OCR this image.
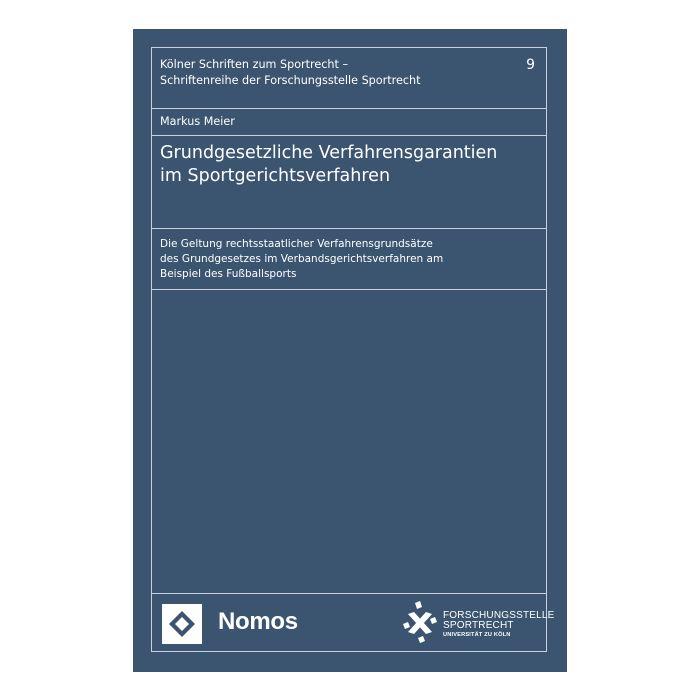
Kölner Schriften zum Sportrecht –
Schriftenreihe der Forschungsstelle Sportrecht
9
Markus Meier
Grundgesetzliche Verfahrensgarantien
im Sportgerichtsverfahren
Die Geltung rechtsstaatlicher Verfahrensgrundsätze
des Grundgesetzes im Verbandsgerichtsverfahren am
Beispiel des Fußballsports
Nomos	FORSCHUNGSSTELLE
SPORTRECHT
UNIVERSITÄT ZU KÖLN
